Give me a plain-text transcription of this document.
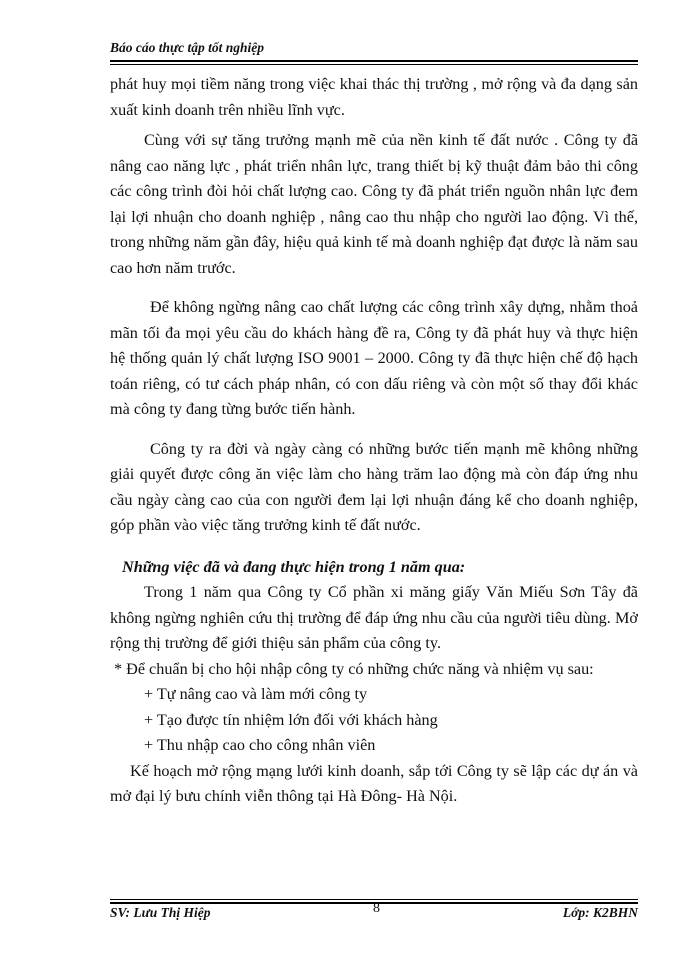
Báo cáo thực tập tốt nghiệp

phát huy mọi tiềm năng trong việc khai thác thị trường , mở rộng và đa dạng sản xuất kinh doanh trên nhiều lĩnh vực.

Cùng với sự tăng trưởng mạnh mẽ của nền kinh tế đất nước . Công ty đã nâng cao năng lực , phát triển nhân lực, trang thiết bị kỹ thuật đảm bảo thi công các công trình đòi hỏi chất lượng cao. Công ty đã phát triển nguồn nhân lực đem lại lợi nhuận cho doanh nghiệp , nâng cao thu nhập cho người lao động. Vì thế, trong những năm gần đây, hiệu quả kinh tế mà doanh nghiệp đạt được là năm sau cao hơn năm trước.

Để không ngừng nâng cao chất lượng các công trình xây dựng, nhằm thoả mãn tối đa mọi yêu cầu do khách hàng đề ra, Công ty đã phát huy và thực hiện hệ thống quản lý chất lượng ISO 9001 – 2000. Công ty đã thực hiện chế độ hạch toán riêng, có tư cách pháp nhân, có con dấu riêng và còn một số thay đổi khác mà công ty đang từng bước tiến hành.

Công ty ra đời và ngày càng có những bước tiến mạnh mẽ không những giải quyết được công ăn việc làm cho hàng trăm lao động mà còn đáp ứng nhu cầu ngày càng cao của con người đem lại lợi nhuận đáng kể cho doanh nghiệp, góp phần vào việc tăng trưởng kinh tế đất nước.

Những việc đã và đang thực hiện trong 1 năm qua:

Trong 1 năm qua Công ty Cổ phần xi măng giấy Văn Miếu Sơn Tây đã không ngừng nghiên cứu thị trường để đáp ứng nhu cầu của người tiêu dùng. Mở rộng thị trường để giới thiệu sản phẩm của công ty.

* Để chuẩn bị cho hội nhập công ty có những chức năng và nhiệm vụ sau:

+ Tự nâng cao và làm mới công ty

+ Tạo được tín nhiệm lớn đối với khách hàng

+ Thu nhập cao cho công nhân viên

Kế hoạch mở rộng mạng lưới kinh doanh, sắp tới Công ty sẽ lập các dự án và mở đại lý bưu chính viễn thông tại Hà Đông- Hà Nội.

SV: Lưu Thị Hiệp	8	Lớp: K2BHN
